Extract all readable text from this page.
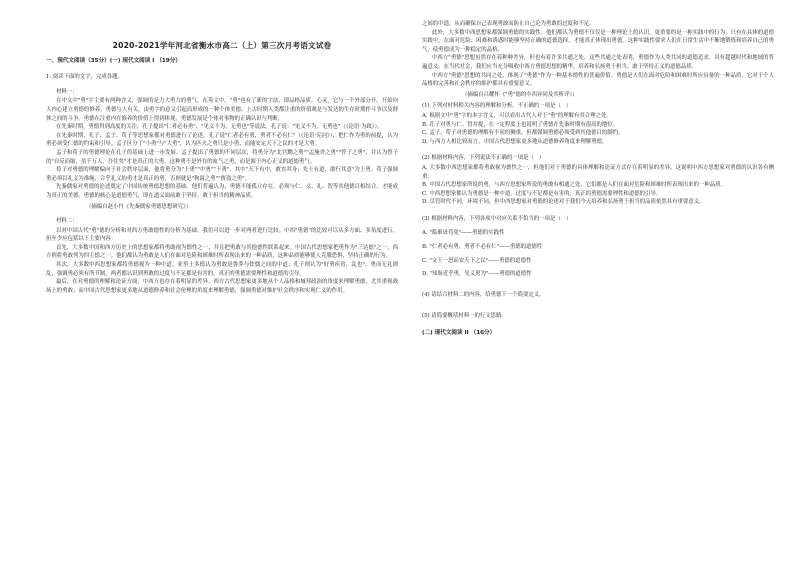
2020-2021学年河北省衡水市高二（上）第三次月考语文试卷
一、现代文阅读（35分）(一) 现代文阅读 I （19分）
1. 阅读下面的文字，完成各题。
材料一：

在中文中"勇"字主要有两种含义，强调的是力大勇力的勇气。在英文中，"勇"也有了新的字法，即品格品质、心灵，它与一个外部分开，开始向人内心建立勇德的修养。勇德与人有关，由勇字的意义引起而形成的一种个体美德。上古时期人类都注重的价值观是与发达的生存时期作斗争以及群体之间的斗争。勇德在注重内在修养的价值上得到体现，勇德发展是个体对事物的正确认识与判断。

在先秦时期，勇德得到高度的关注，孔子提出"仁者必有勇"、"见义不为，无勇也"等说法。孔子说："见义不为，无勇也"（《论语·为政》）。

在先秦时期，孔子、孟子、荀子等思想家都对勇德进行了论述。孔子说"仁者必有勇，勇者不必有仁"（《论语·宪问》），把仁作为勇的前提，认为勇必须受仁德的约束和引导。孟子区分了"小勇"与"大勇"，认为匹夫之勇只是小勇，而能安定天下之民的才是大勇。

孟子和荀子的勇德理论在孔子的基础上进一步发展。孟子提出了勇德的不同层次，将勇分为"北宫黝之勇""孟施舍之勇""曾子之勇"，并认为曾子的"自反而缩，虽千万人，吾往矣"才是真正的大勇。这种勇不是外在的血气之勇，而是源于内心正义的道德勇气。

荀子对勇德的理解偏向于社会秩序层面，他将勇分为"上勇""中勇""下勇"，其中"天下有中，敢直其身；先王有道，敢行其意"为上勇。荀子强调勇必须以礼义为准绳，合乎礼义的勇才是真正的勇，否则就是"狗彘之勇""贾盗之勇"。

先秦儒家对勇德的论述奠定了中国传统勇德思想的基础。他们普遍认为，勇德不能孤立存在，必须与仁、义、礼、智等其他德目相结合，才能成为真正的美德。勇德的核心是道德勇气，即在道义面前敢于坚持、敢于担当的精神品质。

（摘编自赵小丹《先秦儒家勇德思想研究》）
材料二：

以对中国古代"勇"德的分析和对西方勇敢德性的分析为基础，我们可以进一步对两者进行比较。中西"勇德"的比较可以从多方面、多角度进行，但至少应包括以下主要内容：

首先，大多数中国和西方历史上的思想家都将勇敢视为德性之一，并且把勇敢与其他德性联系起来。中国古代思想家把勇作为"三达德"之一，西方则将勇敢列为四主德之一。他们都认为勇敢是人们在面对危险和困难时所表现出来的一种品质，这种品质能够使人克服恐惧，坚持正确的行为。

其次，大多数中西思想家都将勇德视为一种中道。亚里士多德认为勇敢是鲁莽与怯懦之间的中道；孔子则认为"好勇疾贫，乱也"，勇而无礼则乱，强调勇必须有所节制。两者都认识到勇敢的过度与不足都是有害的，真正的勇德需要理性和道德的引导。

最后，在对勇德的理解和论证方面，中西方也存在着明显的差异。西方古代思想家更多地从个人品格和城邦政治的角度来理解勇敢，尤其重视战场上的勇敢；而中国古代思想家更多地从道德修养和社会伦理的角度来理解勇德，强调勇德对维护社会秩序和实现仁义的作用。

之间的中道，从而确保自己表现勇敢而防止自己沦为勇敢的过度和不足。

此外，大多数中西思想家都强调勇德的实践性。他们都认为勇德不仅仅是一种理论上的认识，更重要的是一种实践中的行为。只有在具体的道德实践中，在面对危险、困难和诱惑时能够坚持正确的道德选择，才能真正体现出勇德。这种实践性要求人们在日常生活中不断地锻炼和培养自己的勇气，使勇德成为一种稳定的品格。

中西方"勇德"思想虽然存在着种种差异，但也有着许多共通之处。这些共通之处表明，勇德作为人类共同的道德追求，具有超越时代和地域的普遍意义。在当代社会，我们应当充分吸收中西方勇德思想的精华，培养和弘扬勇于担当、敢于坚持正义的道德品质。

中西方"勇德"思想的共同之处，体现了"勇德"作为一种基本德性的普遍价值。勇德是人们在面对危险和困难时所应具备的一种品质，它对于个人品格的完善和社会秩序的维护都具有重要意义。

（摘编自吕耀怀《"勇"德的中西异同及其析评》）
(1) 下列对材料相关内容的理解和分析，不正确的一项是（　）
A. 根据文中"勇"字的本字含义，可以看出古代人对于"勇"的理解有其合理之处。
B. 孔子对勇与仁、智并提，在一定程度上也说明了勇德在先秦时期有很高的地位。
C. 孟子、荀子对勇德的理解有不同的侧重，但都强调勇德必须受到其他德目的制约。
D. 与西方人相比较而言，中国古代思想家更多地从道德修养角度来理解勇德。
(2) 根据材料内容，下列说法不正确的一项是（　）
A. 大多数中西思想家都将勇敢视为德性之一，但他们对于勇德的具体理解和论证方式存在着明显的差异，这说明中西方思想家对勇德的认识各有侧重。
B. 中国古代思想家所说的勇，与西方思想家所说的勇敢有相通之处，它们都是人们在面对危险和困难时所表现出来的一种品质。
C. 中西思想家都认为勇德是一种中道，过度与不足都是有害的，真正的勇德需要理性和道德的引导。
D. 尽管时代不同，环境不同，但中西思想家对勇德的论述对于我们今天培养和弘扬勇于担当的品质依然具有重要意义。
(3) 根据材料内容，下列各项中对应关系不恰当的一项是（　）
A. "临难毋苟免"——勇德的实践性
B. "仁者必有勇，勇者不必有仁"——勇德的道德性
C. "文王一怒而安天下之民"——勇德的道德性
D. "知耻近乎勇，见义勇为"——勇德的道德性
(4) 请结合材料二的内容，给勇德下一个简要定义。
(5) 请简要概括材料一的行文思路。
(二) 现代文阅读 II （16分）
